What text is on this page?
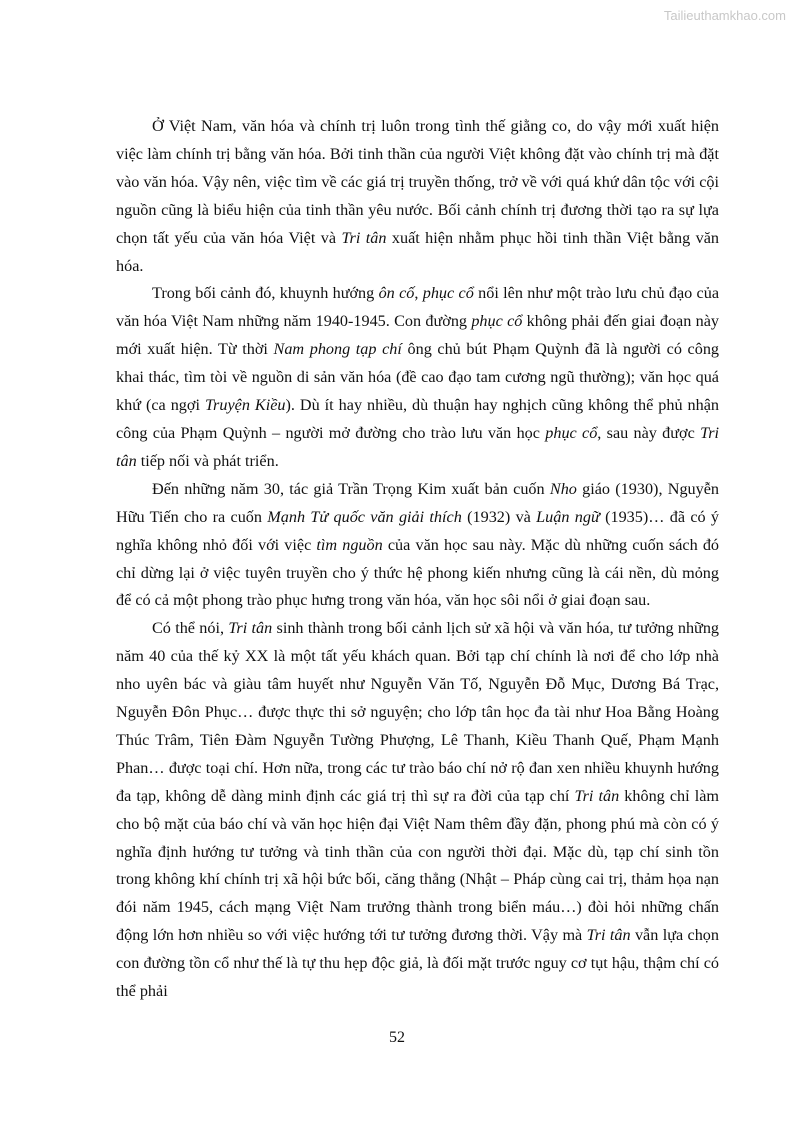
Tailieuthamkhao.com

Ở Việt Nam, văn hóa và chính trị luôn trong tình thế giằng co, do vậy mới xuất hiện việc làm chính trị bằng văn hóa. Bởi tinh thần của người Việt không đặt vào chính trị mà đặt vào văn hóa. Vậy nên, việc tìm về các giá trị truyền thống, trở về với quá khứ dân tộc với cội nguồn cũng là biểu hiện của tinh thần yêu nước. Bối cảnh chính trị đương thời tạo ra sự lựa chọn tất yếu của văn hóa Việt và Tri tân xuất hiện nhằm phục hồi tinh thần Việt bằng văn hóa.

Trong bối cảnh đó, khuynh hướng ôn cố, phục cổ nổi lên như một trào lưu chủ đạo của văn hóa Việt Nam những năm 1940-1945. Con đường phục cổ không phải đến giai đoạn này mới xuất hiện. Từ thời Nam phong tạp chí ông chủ bút Phạm Quỳnh đã là người có công khai thác, tìm tòi về nguồn di sản văn hóa (đề cao đạo tam cương ngũ thường); văn học quá khứ (ca ngợi Truyện Kiều). Dù ít hay nhiều, dù thuận hay nghịch cũng không thể phủ nhận công của Phạm Quỳnh – người mở đường cho trào lưu văn học phục cổ, sau này được Tri tân tiếp nối và phát triển.

Đến những năm 30, tác giả Trần Trọng Kim xuất bản cuốn Nho giáo (1930), Nguyễn Hữu Tiến cho ra cuốn Mạnh Tử quốc văn giải thích (1932) và Luận ngữ (1935)… đã có ý nghĩa không nhỏ đối với việc tìm nguồn của văn học sau này. Mặc dù những cuốn sách đó chỉ dừng lại ở việc tuyên truyền cho ý thức hệ phong kiến nhưng cũng là cái nền, dù mỏng để có cả một phong trào phục hưng trong văn hóa, văn học sôi nổi ở giai đoạn sau.

Có thể nói, Tri tân sinh thành trong bối cảnh lịch sử xã hội và văn hóa, tư tưởng những năm 40 của thế kỷ XX là một tất yếu khách quan. Bởi tạp chí chính là nơi để cho lớp nhà nho uyên bác và giàu tâm huyết như Nguyễn Văn Tố, Nguyễn Đỗ Mục, Dương Bá Trạc, Nguyễn Đôn Phục… được thực thi sở nguyện; cho lớp tân học đa tài như Hoa Bằng Hoàng Thúc Trâm, Tiên Đàm Nguyễn Tường Phượng, Lê Thanh, Kiều Thanh Quế, Phạm Mạnh Phan… được toại chí. Hơn nữa, trong các tư trào báo chí nở rộ đan xen nhiều khuynh hướng đa tạp, không dễ dàng minh định các giá trị thì sự ra đời của tạp chí Tri tân không chỉ làm cho bộ mặt của báo chí và văn học hiện đại Việt Nam thêm đầy đặn, phong phú mà còn có ý nghĩa định hướng tư tưởng và tinh thần của con người thời đại. Mặc dù, tạp chí sinh tồn trong không khí chính trị xã hội bức bối, căng thẳng (Nhật – Pháp cùng cai trị, thảm họa nạn đói năm 1945, cách mạng Việt Nam trưởng thành trong biển máu…) đòi hỏi những chấn động lớn hơn nhiều so với việc hướng tới tư tưởng đương thời. Vậy mà Tri tân vẫn lựa chọn con đường tồn cổ như thế là tự thu hẹp độc giả, là đối mặt trước nguy cơ tụt hậu, thậm chí có thể phải

52
